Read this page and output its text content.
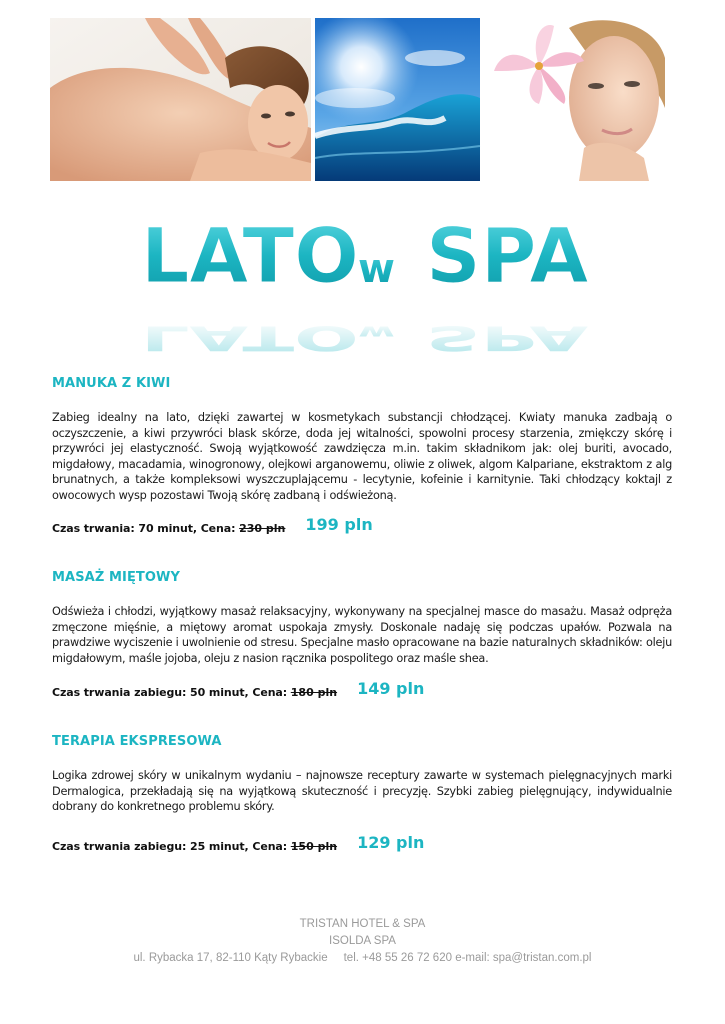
LATO w SPA
LATO w SPA
MANUKA Z KIWI

Zabieg idealny na lato, dzięki zawartej w kosmetykach substancji chłodzącej. Kwiaty manuka zadbają o oczyszczenie, a kiwi przywróci blask skórze, doda jej witalności, spowolni procesy starzenia, zmiękczy skórę i przywróci jej elastyczność. Swoją wyjątkowość zawdzięcza m.in. takim składnikom jak: olej buriti, avocado, migdałowy, macadamia, winogronowy, olejkowi arganowemu, oliwie z oliwek, algom Kalpariane, ekstraktom z alg brunatnych, a także kompleksowi wyszczuplającemu - lecytynie, kofeinie i karnitynie. Taki chłodzący koktajl z owocowych wysp pozostawi Twoją skórę zadbaną i odświeżoną.

Czas trwania: 70 minut, Cena: 230 pln 199 pln
MASAŻ MIĘTOWY

Odświeża i chłodzi, wyjątkowy masaż relaksacyjny, wykonywany na specjalnej masce do masażu. Masaż odpręża zmęczone mięśnie, a miętowy aromat uspokaja zmysły. Doskonale nadaję się podczas upałów. Pozwala na prawdziwe wyciszenie i uwolnienie od stresu. Specjalne masło opracowane na bazie naturalnych składników: oleju migdałowym, maśle jojoba, oleju z nasion rącznika pospolitego oraz maśle shea.

Czas trwania zabiegu: 50 minut, Cena: 180 pln 149 pln
TERAPIA EKSPRESOWA

Logika zdrowej skóry w unikalnym wydaniu – najnowsze receptury zawarte w systemach pielęgnacyjnych marki Dermalogica, przekładają się na wyjątkową skuteczność i precyzję. Szybki zabieg pielęgnujący, indywidualnie dobrany do konkretnego problemu skóry.

Czas trwania zabiegu: 25 minut, Cena: 150 pln 129 pln
TRISTAN HOTEL & SPA
ISOLDA SPA
ul. Rybacka 17, 82-110 Kąty Rybackie tel. +48 55 26 72 620 e-mail: spa@tristan.com.pl
